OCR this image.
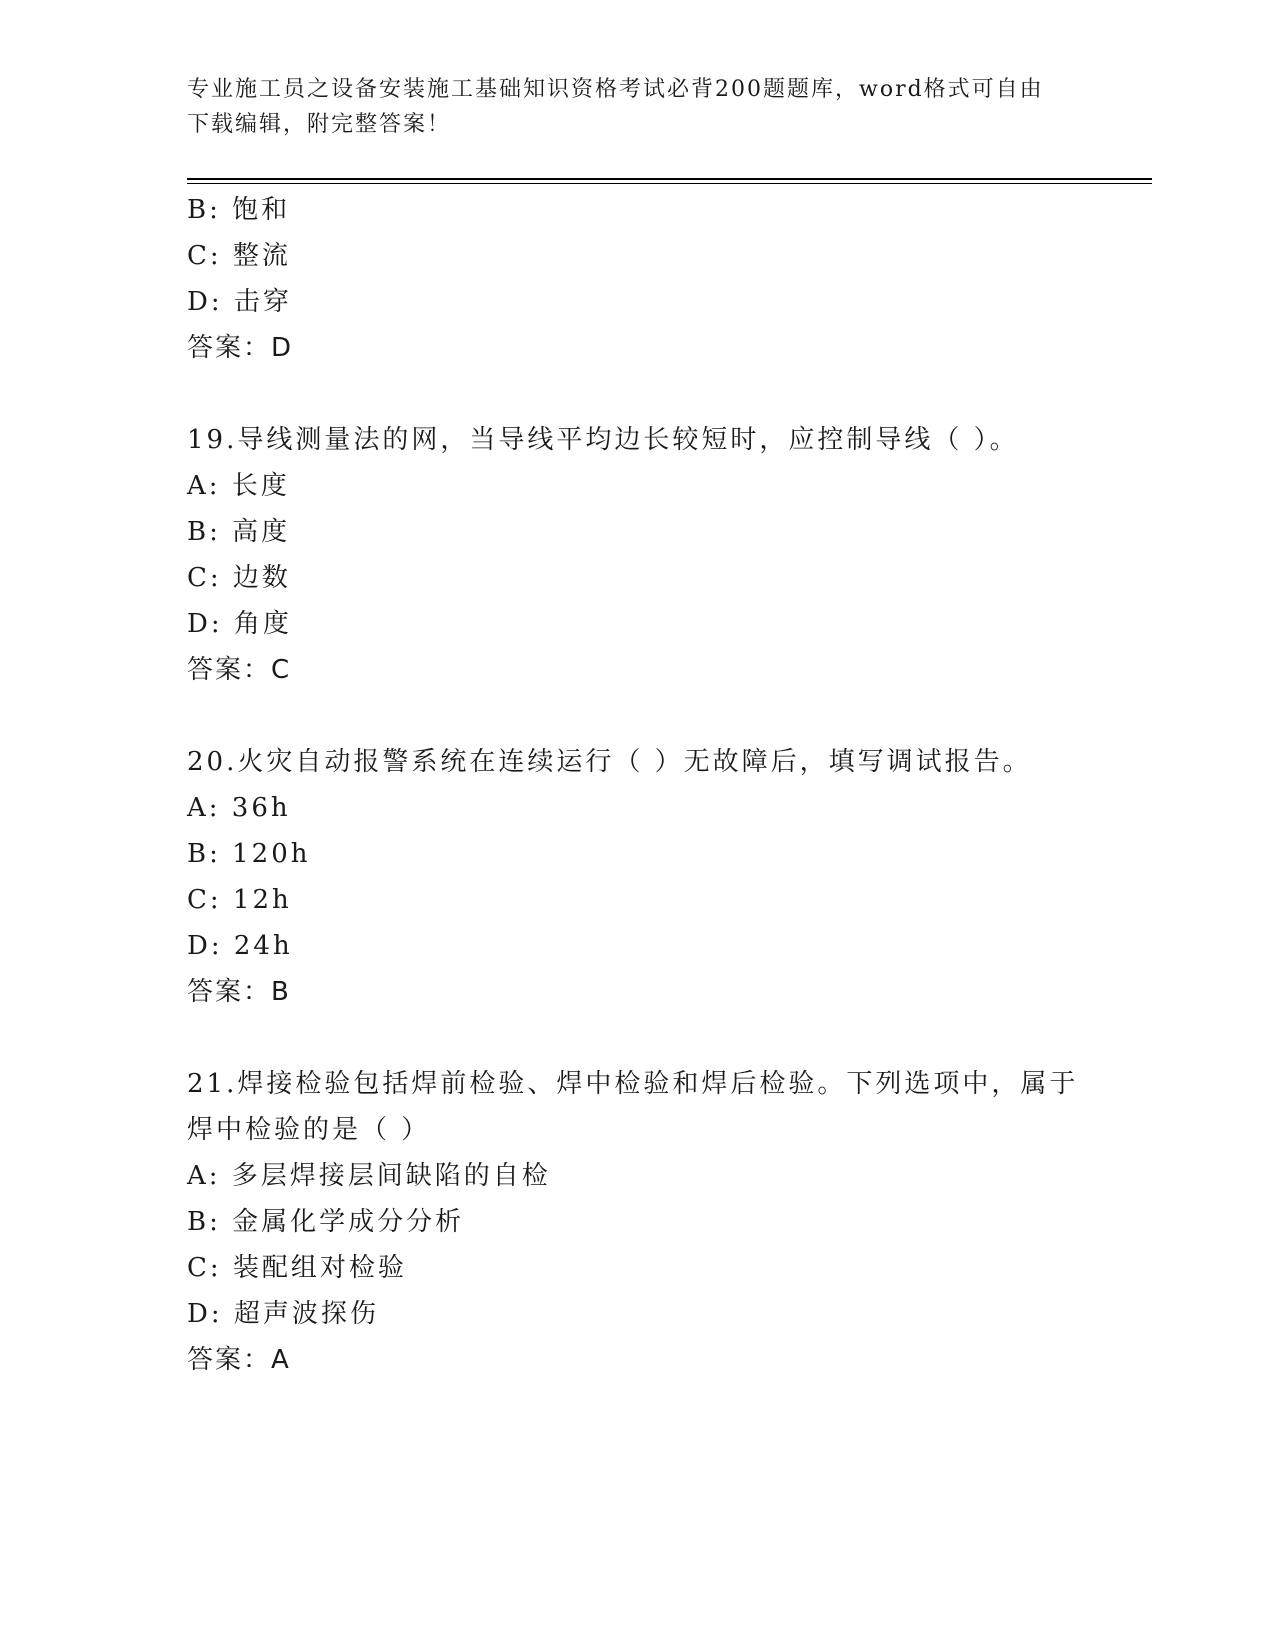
专业施工员之设备安装施工基础知识资格考试必背200题题库，word格式可自由
下载编辑，附完整答案！
B: 饱和
C: 整流
D: 击穿
答案：D
19.导线测量法的网，当导线平均边长较短时，应控制导线（ ）。
A: 长度
B: 高度
C: 边数
D: 角度
答案：C
20.火灾自动报警系统在连续运行（ ）无故障后，填写调试报告。
A: 36h
B: 120h
C: 12h
D: 24h
答案：B
21.焊接检验包括焊前检验、焊中检验和焊后检验。下列选项中，属于
焊中检验的是（ ）
A: 多层焊接层间缺陷的自检
B: 金属化学成分分析
C: 装配组对检验
D: 超声波探伤
答案：A
